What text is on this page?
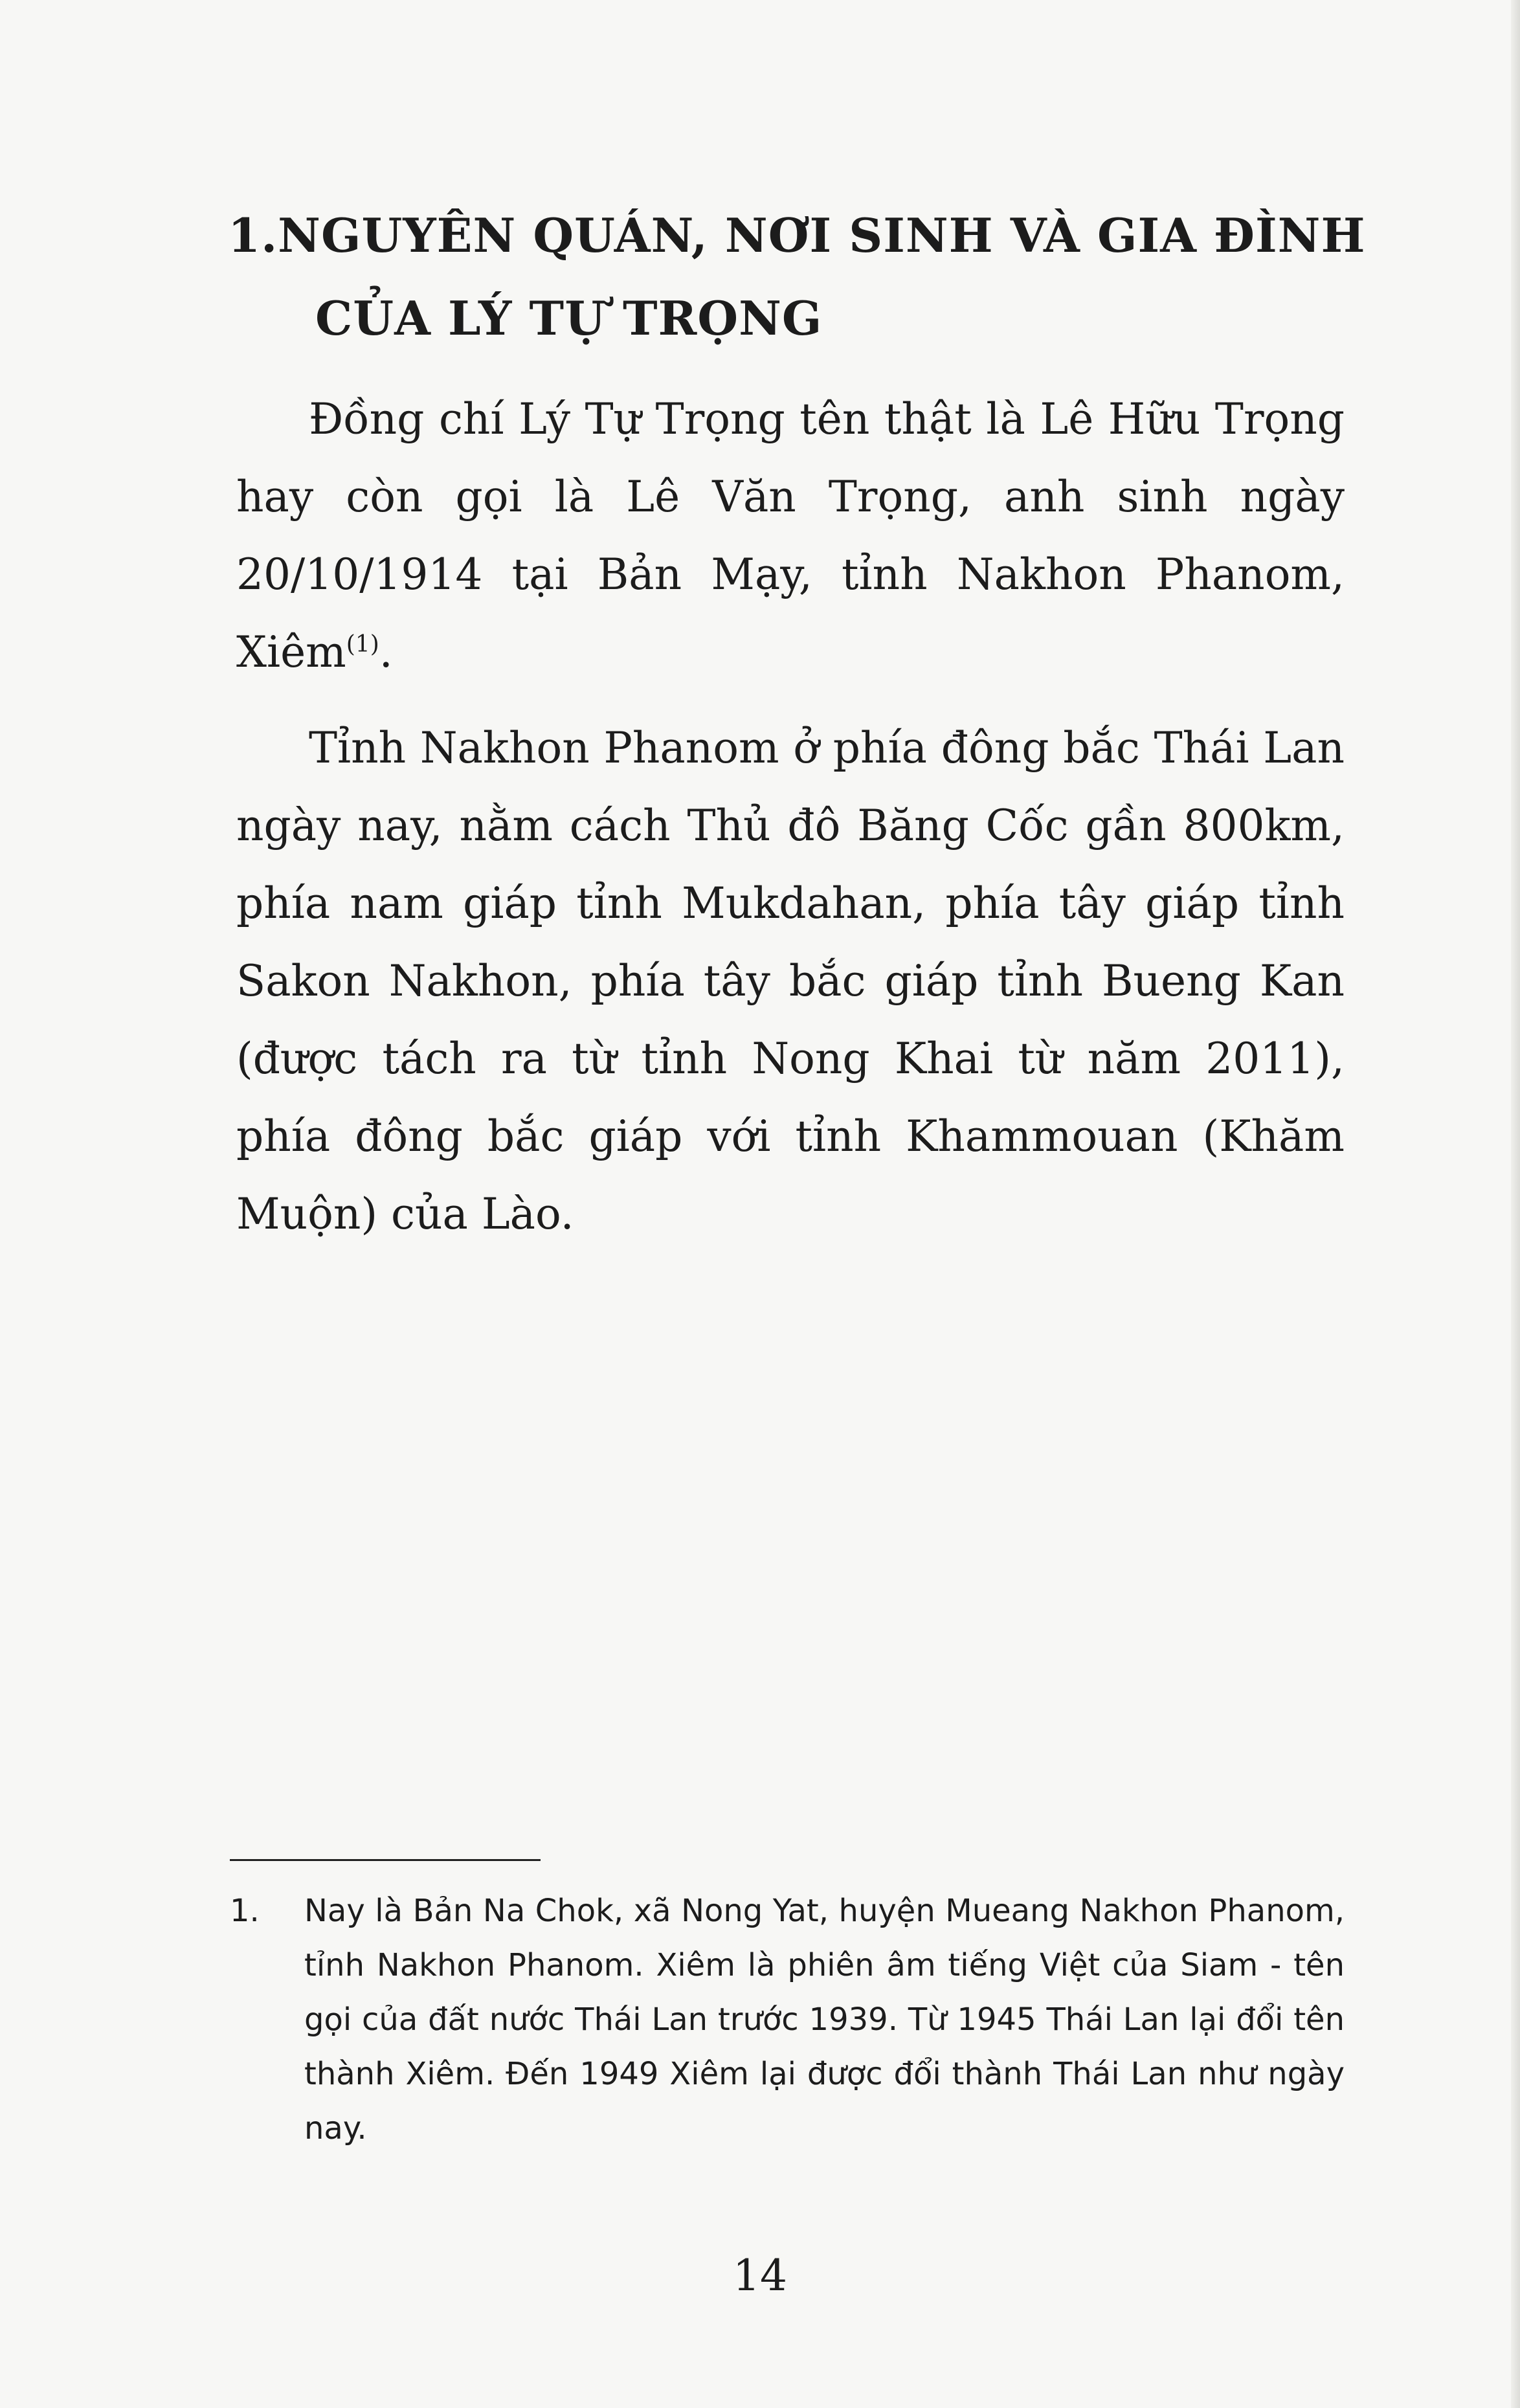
1. NGUYÊN QUÁN, NƠI SINH VÀ GIA ĐÌNH
CỦA LÝ TỰ TRỌNG

Đồng chí Lý Tự Trọng tên thật là Lê Hữu Trọng hay còn gọi là Lê Văn Trọng, anh sinh ngày 20/10/1914 tại Bản Mạy, tỉnh Nakhon Phanom, Xiêm$^{(1)}$.

Tỉnh Nakhon Phanom ở phía đông bắc Thái Lan ngày nay, nằm cách Thủ đô Băng Cốc gần 800km, phía nam giáp tỉnh Mukdahan, phía tây giáp tỉnh Sakon Nakhon, phía tây bắc giáp tỉnh Bueng Kan (được tách ra từ tỉnh Nong Khai từ năm 2011), phía đông bắc giáp với tỉnh Khammouan (Khăm Muộn) của Lào.

1.	Nay là Bản Na Chok, xã Nong Yat, huyện Mueang Nakhon Phanom, tỉnh Nakhon Phanom. Xiêm là phiên âm tiếng Việt của Siam - tên gọi của đất nước Thái Lan trước 1939. Từ 1945 Thái Lan lại đổi tên thành Xiêm. Đến 1949 Xiêm lại được đổi thành Thái Lan như ngày nay.
14
